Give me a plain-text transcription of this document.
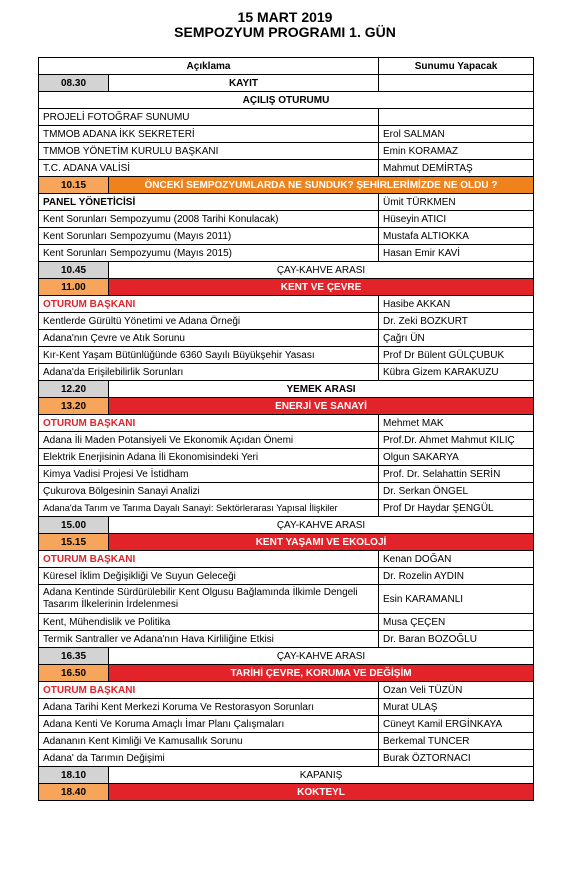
15 MART 2019
SEMPOZYUM PROGRAMI 1. GÜN
Açıklama		Sunumu Yapacak
08.30	KAYIT	
AÇILIŞ OTURUMU		
PROJELİ FOTOĞRAF SUNUMU		
TMMOB ADANA İKK SEKRETERİ		Erol SALMAN
TMMOB YÖNETİM KURULU BAŞKANI		Emin KORAMAZ
T.C. ADANA VALİSİ		Mahmut DEMİRTAŞ
10.15	ÖNCEKİ SEMPOZYUMLARDA NE SUNDUK? ŞEHİRLERİMİZDE NE OLDU ?	
PANEL YÖNETİCİSİ		Ümit TÜRKMEN
Kent Sorunları Sempozyumu (2008 Tarihi Konulacak)		Hüseyin ATICI
Kent Sorunları Sempozyumu (Mayıs 2011)		Mustafa ALTIOKKA
Kent Sorunları Sempozyumu (Mayıs 2015)		Hasan Emir KAVİ
10.45	ÇAY-KAHVE ARASI	
11.00	KENT VE ÇEVRE	
OTURUM BAŞKANI		Hasibe AKKAN
Kentlerde Gürültü Yönetimi ve Adana Örneği		Dr. Zeki BOZKURT
Adana'nın Çevre ve Atık Sorunu		Çağrı ÜN
Kır-Kent Yaşam Bütünlüğünde 6360 Sayılı Büyükşehir Yasası		Prof Dr Bülent GÜLÇUBUK
Adana'da Erişilebilirlik Sorunları		Kübra Gizem KARAKUZU
12.20	YEMEK ARASI	
13.20	ENERJİ VE SANAYİ	
OTURUM BAŞKANI		Mehmet MAK
Adana İli Maden Potansiyeli Ve Ekonomik Açıdan Önemi		Prof.Dr. Ahmet Mahmut KILIÇ
Elektrik Enerjisinin Adana İli Ekonomisindeki Yeri		Olgun SAKARYA
Kimya Vadisi Projesi Ve İstidham		Prof. Dr. Selahattin SERİN
Çukurova Bölgesinin Sanayi Analizi		Dr. Serkan ÖNGEL
Adana'da Tarım ve Tarıma Dayalı Sanayi: Sektörlerarası Yapısal İlişkiler		Prof Dr Haydar ŞENGÜL
15.00	ÇAY-KAHVE ARASI	
15.15	KENT YAŞAMI VE EKOLOJİ	
OTURUM BAŞKANI		Kenan DOĞAN
Küresel İklim Değişikliği Ve Suyun Geleceği		Dr. Rozelin AYDIN
Adana Kentinde Sürdürülebilir Kent Olgusu Bağlamında İlkimle Dengeli Tasarım İlkelerinin İrdelenmesi		Esin KARAMANLI
Kent, Mühendislik ve Politika		Musa ÇEÇEN
Termik Santraller ve Adana'nın Hava Kirliliğine Etkisi		Dr. Baran BOZOĞLU
16.35	ÇAY-KAHVE ARASI	
16.50	TARİHİ ÇEVRE, KORUMA VE DEĞİŞİM	
OTURUM BAŞKANI		Ozan Veli TÜZÜN
Adana Tarihi Kent Merkezi Koruma Ve Restorasyon Sorunları		Murat ULAŞ
Adana Kenti Ve Koruma Amaçlı İmar Planı Çalışmaları		Cüneyt Kamil ERGİNKAYA
Adananın Kent Kimliği Ve Kamusallık Sorunu		Berkemal TUNCER
Adana' da Tarımın Değişimi		Burak ÖZTORNACI
18.10	KAPANIŞ	
18.40	KOKTEYL	
